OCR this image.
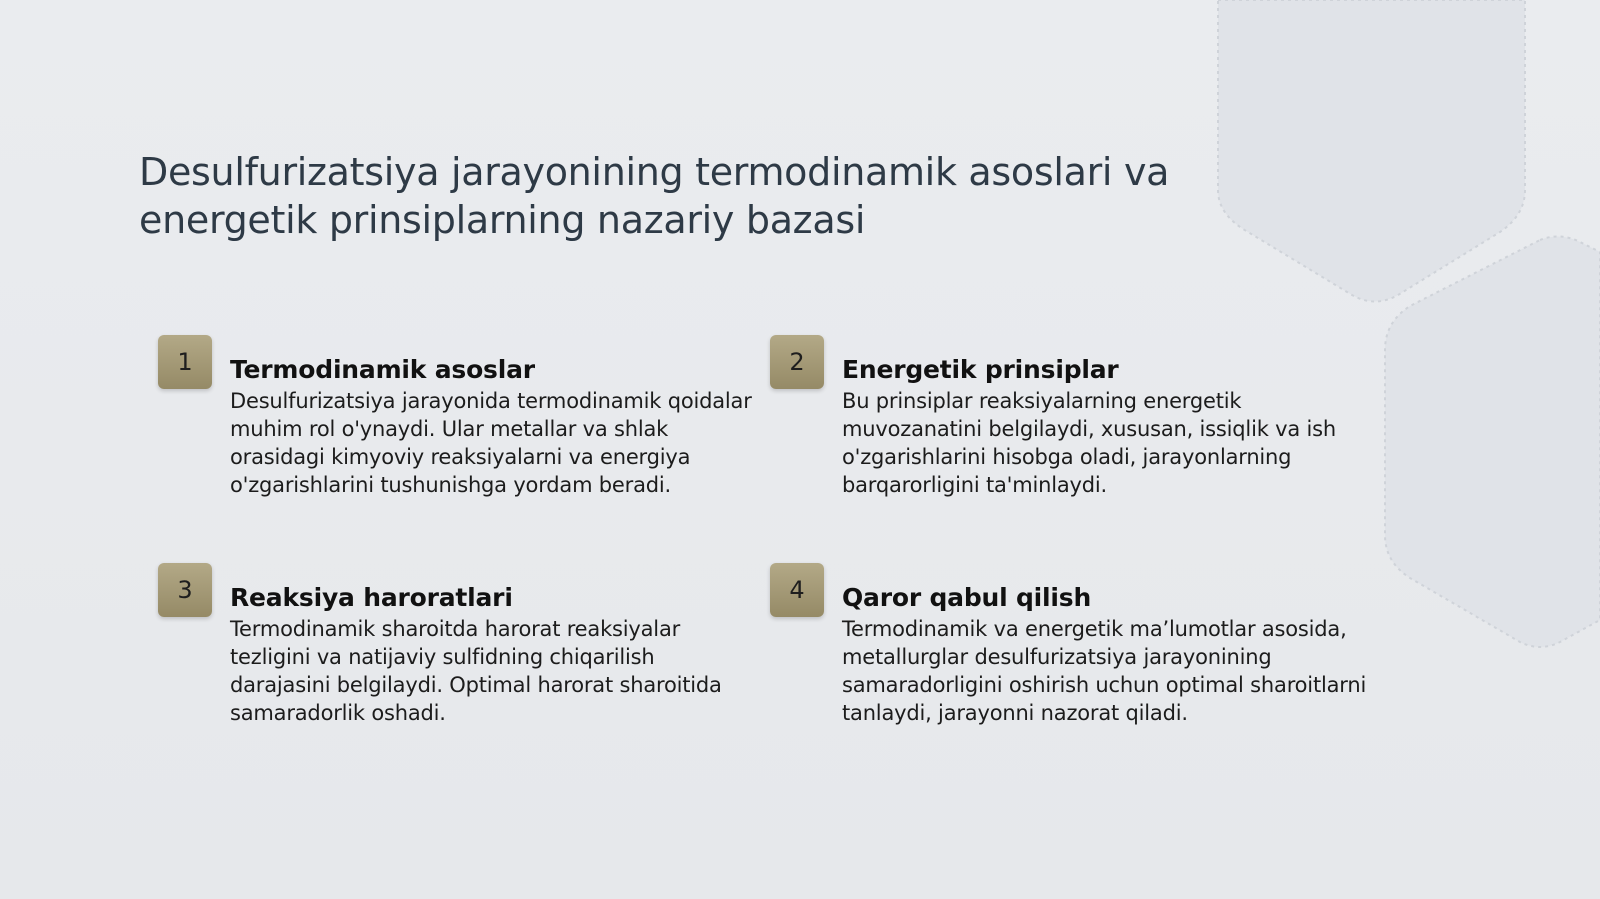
Desulfurizatsiya jarayonining termodinamik asoslari va energetik prinsiplarning nazariy bazasi
1	Termodinamik asoslar

Desulfurizatsiya jarayonida termodinamik qoidalar muhim rol o'ynaydi. Ular metallar va shlak orasidagi kimyoviy reaksiyalarni va energiya o'zgarishlarini tushunishga yordam beradi.

2	Energetik prinsiplar

Bu prinsiplar reaksiyalarning energetik muvozanatini belgilaydi, xususan, issiqlik va ish o'zgarishlarini hisobga oladi, jarayonlarning barqarorligini ta'minlaydi.

3	Reaksiya haroratlari

Termodinamik sharoitda harorat reaksiyalar tezligini va natijaviy sulfidning chiqarilish darajasini belgilaydi. Optimal harorat sharoitida samaradorlik oshadi.

4	Qaror qabul qilish

Termodinamik va energetik ma’lumotlar asosida, metallurglar desulfurizatsiya jarayonining samaradorligini oshirish uchun optimal sharoitlarni tanlaydi, jarayonni nazorat qiladi.
